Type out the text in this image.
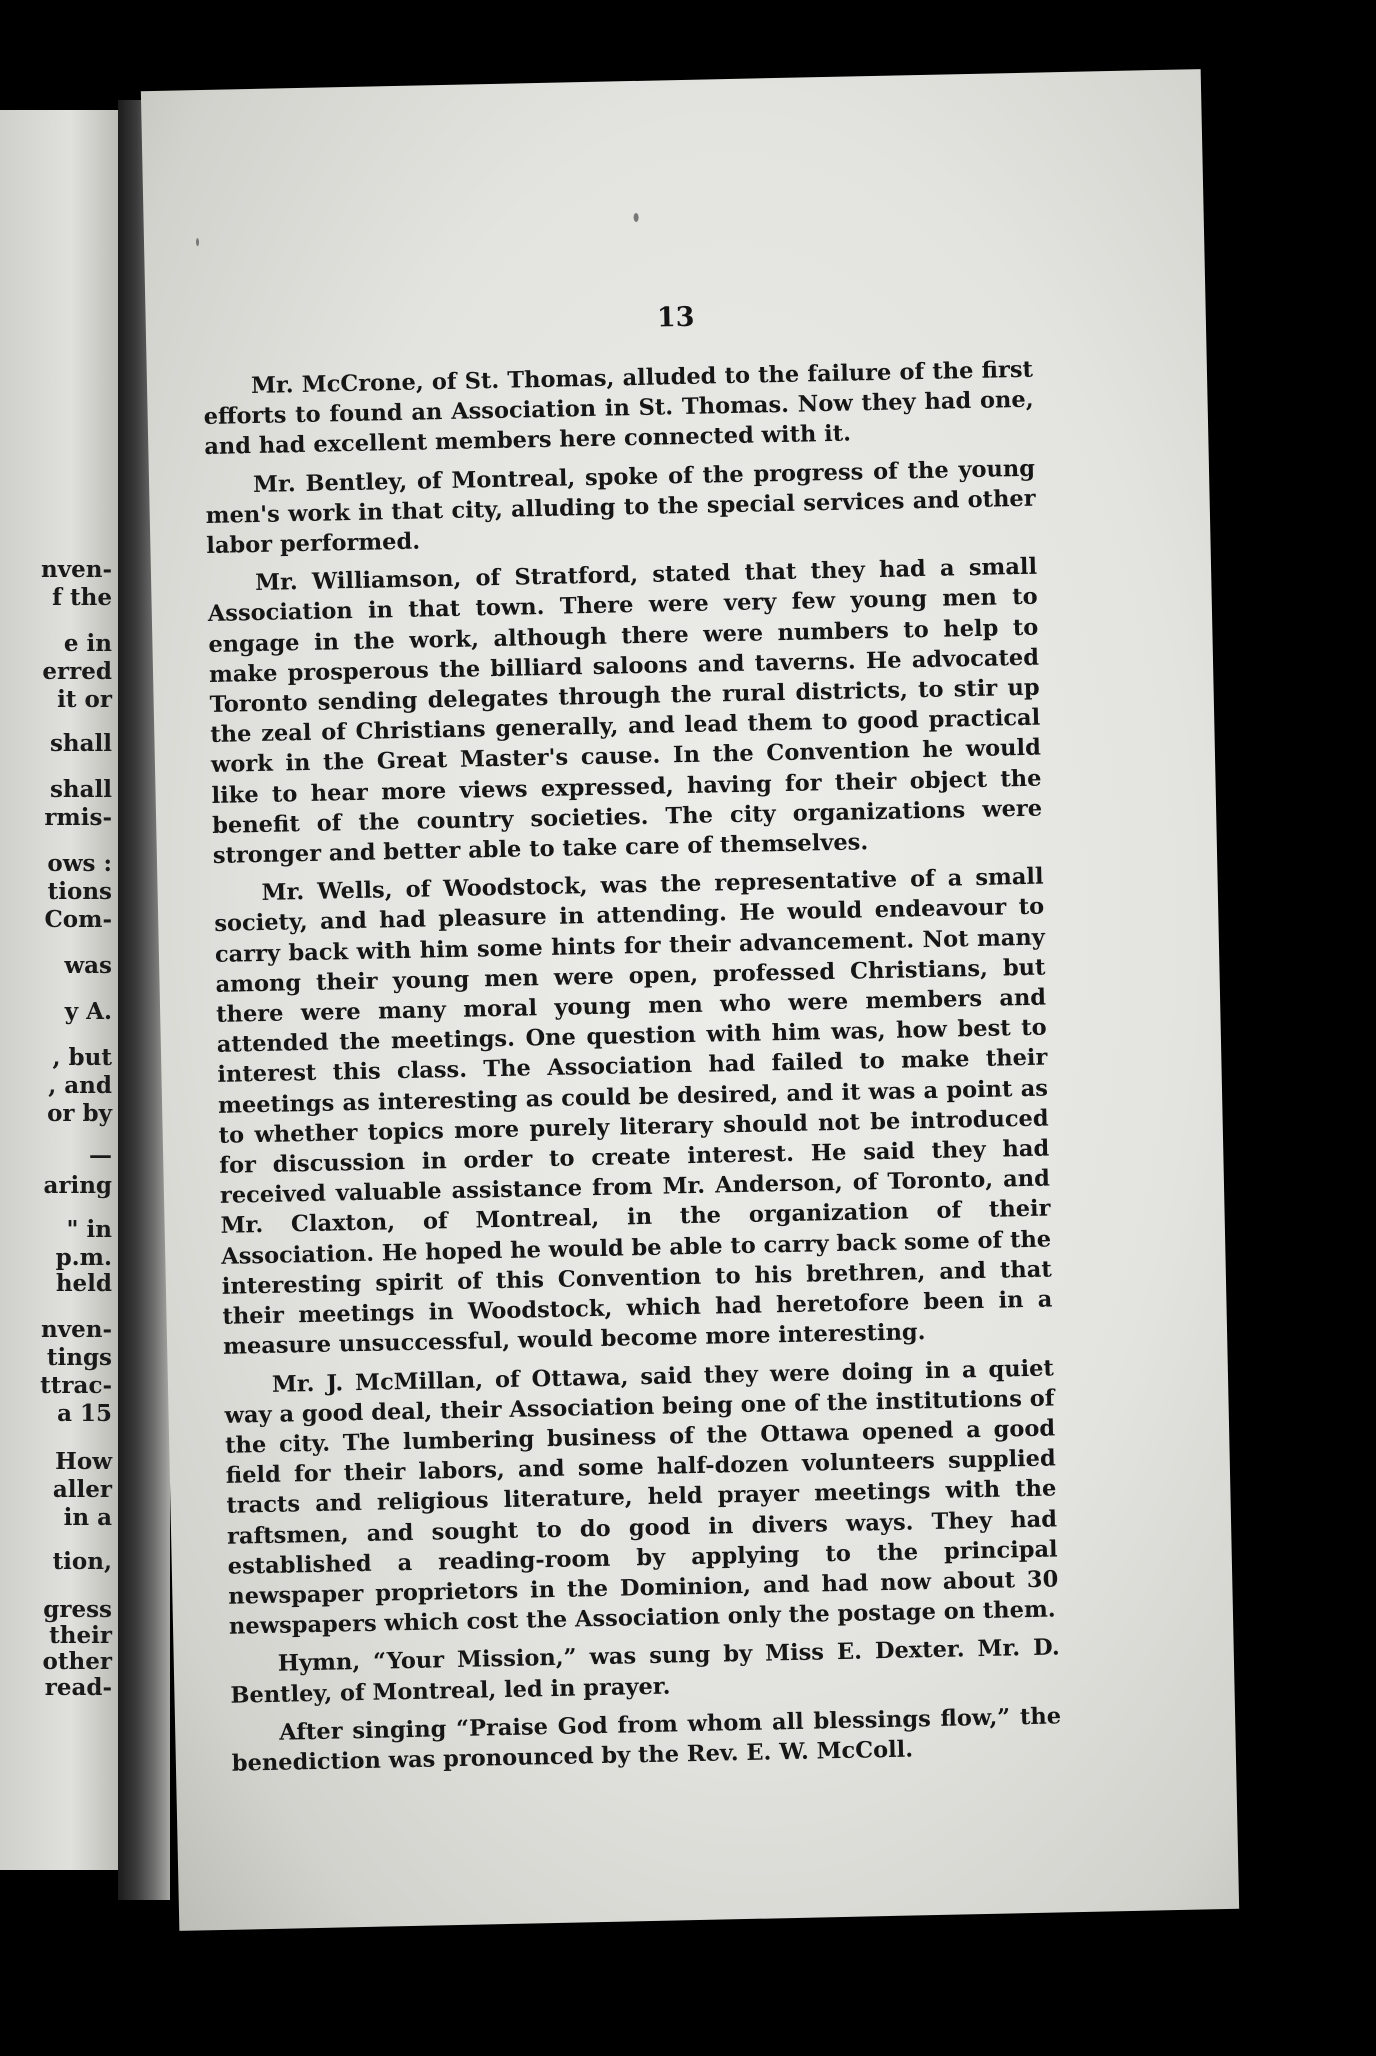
nven-
f the
e in
erred
it or
shall
shall
rmis-
ows :
tions
Com-
was
y A.
, but
, and
or by
—
aring
" in
p.m.
held
nven-
tings
ttrac-
a 15
How
aller
in a
tion,
gress
their
other
read-
13

Mr. McCrone, of St. Thomas, alluded to the failure of the first efforts to found an Association in St. Thomas. Now they had one, and had excellent members here connected with it.

Mr. Bentley, of Montreal, spoke of the progress of the young men's work in that city, alluding to the special services and other labor performed.

Mr. Williamson, of Stratford, stated that they had a small Association in that town. There were very few young men to engage in the work, although there were numbers to help to make prosperous the billiard saloons and taverns. He advocated Toronto sending delegates through the rural districts, to stir up the zeal of Christians generally, and lead them to good practical work in the Great Master's cause. In the Convention he would like to hear more views expressed, having for their object the benefit of the country societies. The city organizations were stronger and better able to take care of themselves.

Mr. Wells, of Woodstock, was the representative of a small society, and had pleasure in attending. He would endeavour to carry back with him some hints for their advancement. Not many among their young men were open, professed Christians, but there were many moral young men who were members and attended the meetings. One question with him was, how best to interest this class. The Association had failed to make their meetings as interesting as could be desired, and it was a point as to whether topics more purely literary should not be introduced for discussion in order to create interest. He said they had received valuable assistance from Mr. Anderson, of Toronto, and Mr. Claxton, of Montreal, in the organization of their Association. He hoped he would be able to carry back some of the interesting spirit of this Convention to his brethren, and that their meetings in Woodstock, which had heretofore been in a measure unsuccessful, would become more interesting.

Mr. J. McMillan, of Ottawa, said they were doing in a quiet way a good deal, their Association being one of the institutions of the city. The lumbering business of the Ottawa opened a good field for their labors, and some half-dozen volunteers supplied tracts and religious literature, held prayer meetings with the raftsmen, and sought to do good in divers ways. They had established a reading-room by applying to the principal newspaper proprietors in the Dominion, and had now about 30 newspapers which cost the Association only the postage on them.

Hymn, “Your Mission,” was sung by Miss E. Dexter. Mr. D. Bentley, of Montreal, led in prayer.

After singing “Praise God from whom all blessings flow,” the benediction was pronounced by the Rev. E. W. McColl.
